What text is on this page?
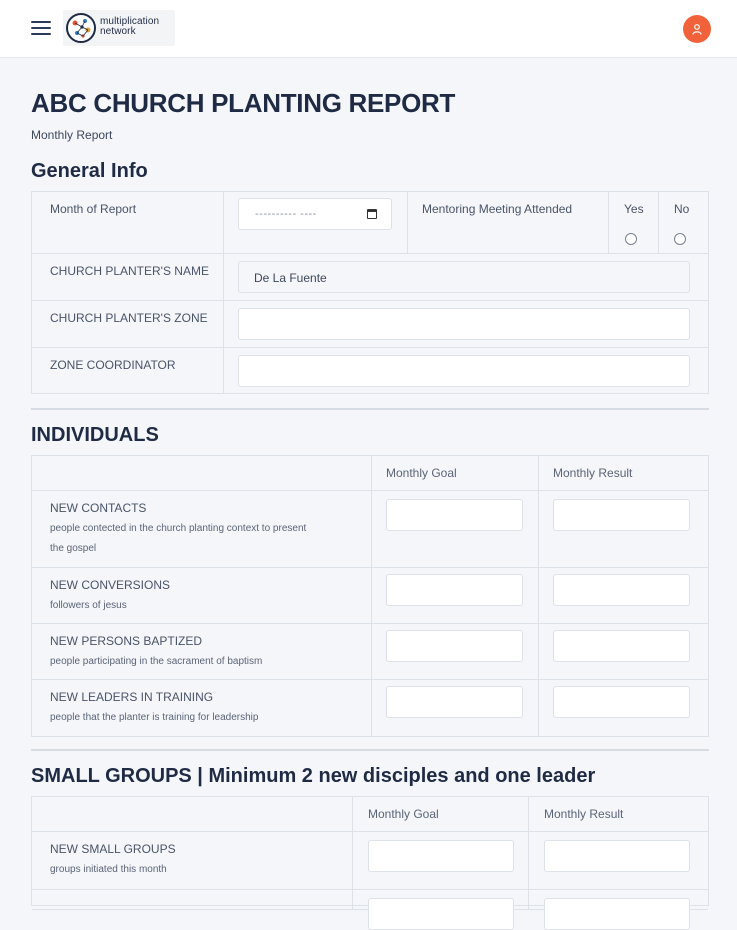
multiplication
network
ABC CHURCH PLANTING REPORT
Monthly Report
General Info
Month of Report	---------- ----	Mentoring Meeting Attended	Yes	No
CHURCH PLANTER'S NAME	De La Fuente
CHURCH PLANTER'S ZONE
ZONE COORDINATOR
INDIVIDUALS
Monthly Goal	Monthly Result
NEW CONTACTS
people contected in the church planting context to present
the gospel
NEW CONVERSIONS
followers of jesus
NEW PERSONS BAPTIZED
people participating in the sacrament of baptism
NEW LEADERS IN TRAINING
people that the planter is training for leadership
SMALL GROUPS | Minimum 2 new disciples and one leader
Monthly Goal	Monthly Result
NEW SMALL GROUPS
groups initiated this month
